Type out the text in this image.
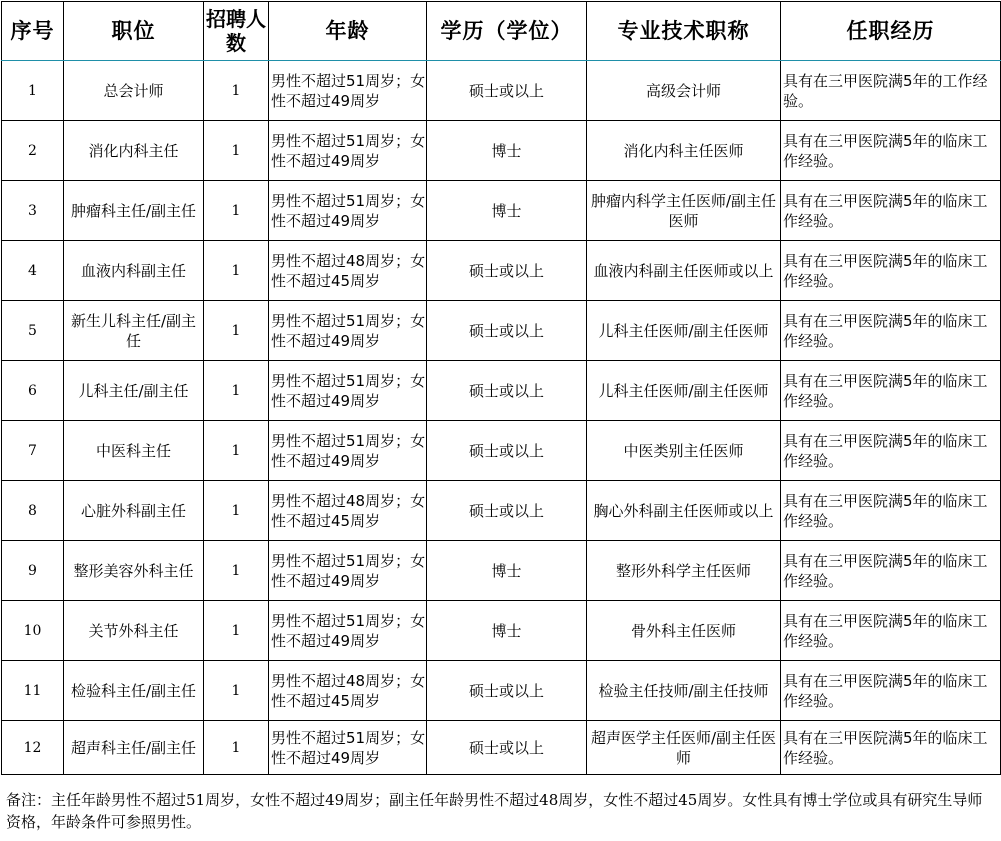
序号	职位	招聘人数	年龄	学历（学位）	专业技术职称	任职经历
1	总会计师	1	男性不超过51周岁；女性不超过49周岁	硕士或以上	高级会计师	具有在三甲医院满5年的工作经验。
2	消化内科主任	1	男性不超过51周岁；女性不超过49周岁	博士	消化内科主任医师	具有在三甲医院满5年的临床工作经验。
3	肿瘤科主任/副主任	1	男性不超过51周岁；女性不超过49周岁	博士	肿瘤内科学主任医师/副主任医师	具有在三甲医院满5年的临床工作经验。
4	血液内科副主任	1	男性不超过48周岁；女性不超过45周岁	硕士或以上	血液内科副主任医师或以上	具有在三甲医院满5年的临床工作经验。
5	新生儿科主任/副主任	1	男性不超过51周岁；女性不超过49周岁	硕士或以上	儿科主任医师/副主任医师	具有在三甲医院满5年的临床工作经验。
6	儿科主任/副主任	1	男性不超过51周岁；女性不超过49周岁	硕士或以上	儿科主任医师/副主任医师	具有在三甲医院满5年的临床工作经验。
7	中医科主任	1	男性不超过51周岁；女性不超过49周岁	硕士或以上	中医类别主任医师	具有在三甲医院满5年的临床工作经验。
8	心脏外科副主任	1	男性不超过48周岁；女性不超过45周岁	硕士或以上	胸心外科副主任医师或以上	具有在三甲医院满5年的临床工作经验。
9	整形美容外科主任	1	男性不超过51周岁；女性不超过49周岁	博士	整形外科学主任医师	具有在三甲医院满5年的临床工作经验。
10	关节外科主任	1	男性不超过51周岁；女性不超过49周岁	博士	骨外科主任医师	具有在三甲医院满5年的临床工作经验。
11	检验科主任/副主任	1	男性不超过48周岁；女性不超过45周岁	硕士或以上	检验主任技师/副主任技师	具有在三甲医院满5年的临床工作经验。
12	超声科主任/副主任	1	男性不超过51周岁；女性不超过49周岁	硕士或以上	超声医学主任医师/副主任医师	具有在三甲医院满5年的临床工作经验。
备注：主任年龄男性不超过51周岁，女性不超过49周岁；副主任年龄男性不超过48周岁，女性不超过45周岁。女性具有博士学位或具有研究生导师资格，年龄条件可参照男性。
